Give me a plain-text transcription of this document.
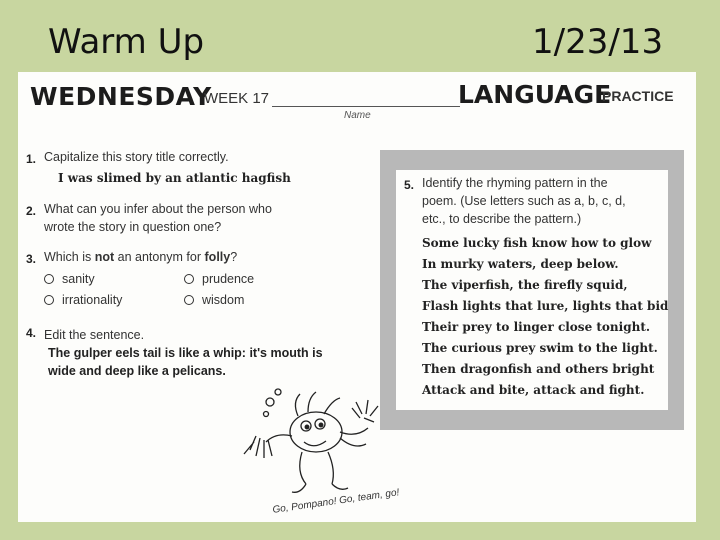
Warm Up	1/23/13
WEDNESDAY
WEEK 17
Name
LANGUAGE
PRACTICE
1. Capitalize this story title correctly.
I was slimed by an atlantic hagfish
2. What can you infer about the person who
wrote the story in question one?
3. Which is not an antonym for folly?
sanity	prudence
irrationality	wisdom
4. Edit the sentence.
The gulper eels tail is like a whip: it's mouth is wide and deep like a pelicans.
5. Identify the rhyming pattern in the
poem. (Use letters such as a, b, c, d,
etc., to describe the pattern.)
Some lucky fish know how to glow
In murky waters, deep below.
The viperfish, the firefly squid,
Flash lights that lure, lights that bid
Their prey to linger close tonight.
The curious prey swim to the light.
Then dragonfish and others bright
Attack and bite, attack and fight.
Go, Pompano! Go, team, go!
